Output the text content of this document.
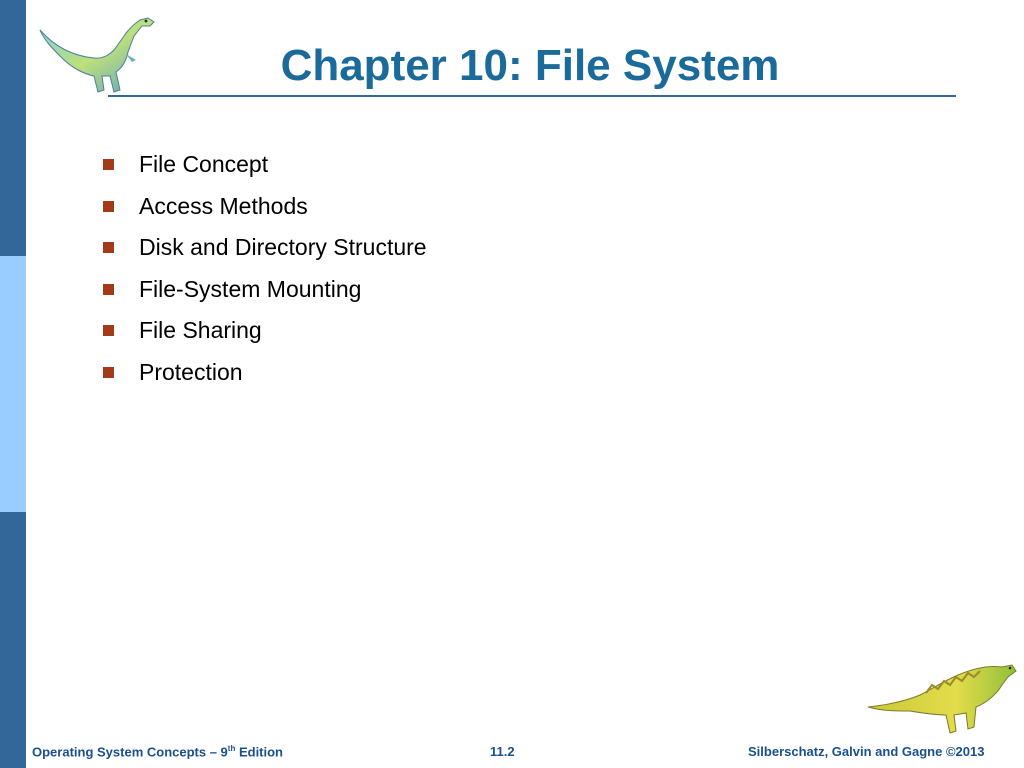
Chapter 10: File System
File Concept
Access Methods
Disk and Directory Structure
File-System Mounting
File Sharing
Protection
Operating System Concepts – 9th Edition	11.2	Silberschatz, Galvin and Gagne ©2013
